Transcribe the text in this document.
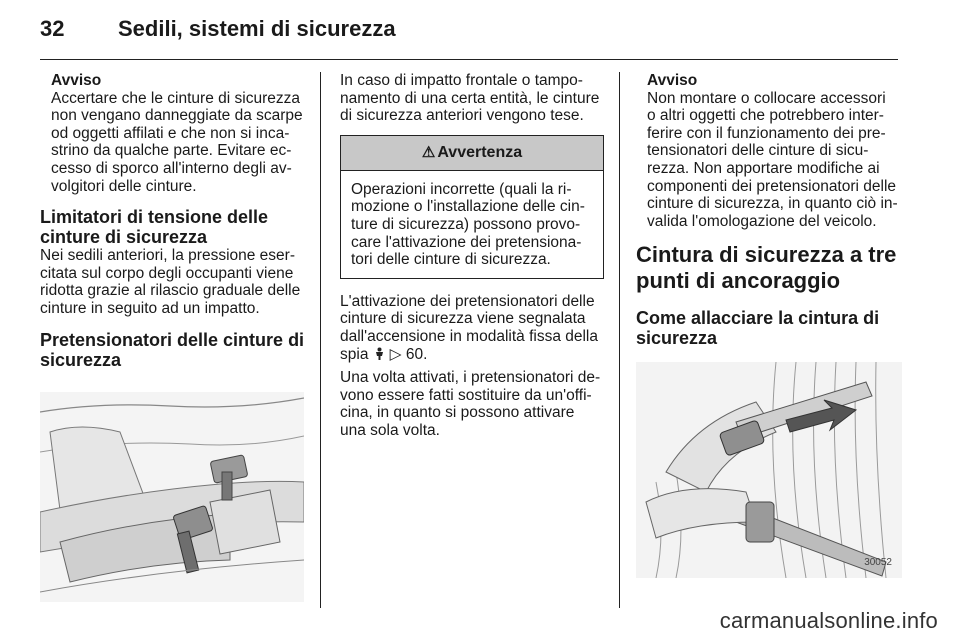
32 Sedili, sistemi di sicurezza

Avviso

Accertare che le cinture di sicurezza

non vengano danneggiate da scarpe

od oggetti affilati e che non si inca-

strino da qualche parte. Evitare ec-

cesso di sporco all'interno degli av-

volgitori delle cinture.

Limitatori di tensione delle

cinture di sicurezza

Nei sedili anteriori, la pressione eser-

citata sul corpo degli occupanti viene

ridotta grazie al rilascio graduale delle

cinture in seguito ad un impatto.

Pretensionatori delle cinture di

sicurezza

In caso di impatto frontale o tampo-

namento di una certa entità, le cinture

di sicurezza anteriori vengono tese.

⚠ Avvertenza

Operazioni incorrette (quali la ri-

mozione o l'installazione delle cin-

ture di sicurezza) possono provo-

care l'attivazione dei pretensiona-

tori delle cinture di sicurezza.

L'attivazione dei pretensionatori delle

cinture di sicurezza viene segnalata

dall'accensione in modalità fissa della

spia ▷ 60.

Una volta attivati, i pretensionatori de-

vono essere fatti sostituire da un'offi-

cina, in quanto si possono attivare

una sola volta.

Avviso

Non montare o collocare accessori

o altri oggetti che potrebbero inter-

ferire con il funzionamento dei pre-

tensionatori delle cinture di sicu-

rezza. Non apportare modifiche ai

componenti dei pretensionatori delle

cinture di sicurezza, in quanto ciò in-

valida l'omologazione del veicolo.

Cintura di sicurezza a tre

punti di ancoraggio

Come allacciare la cintura di

sicurezza

30052
carmanualsonline.info
